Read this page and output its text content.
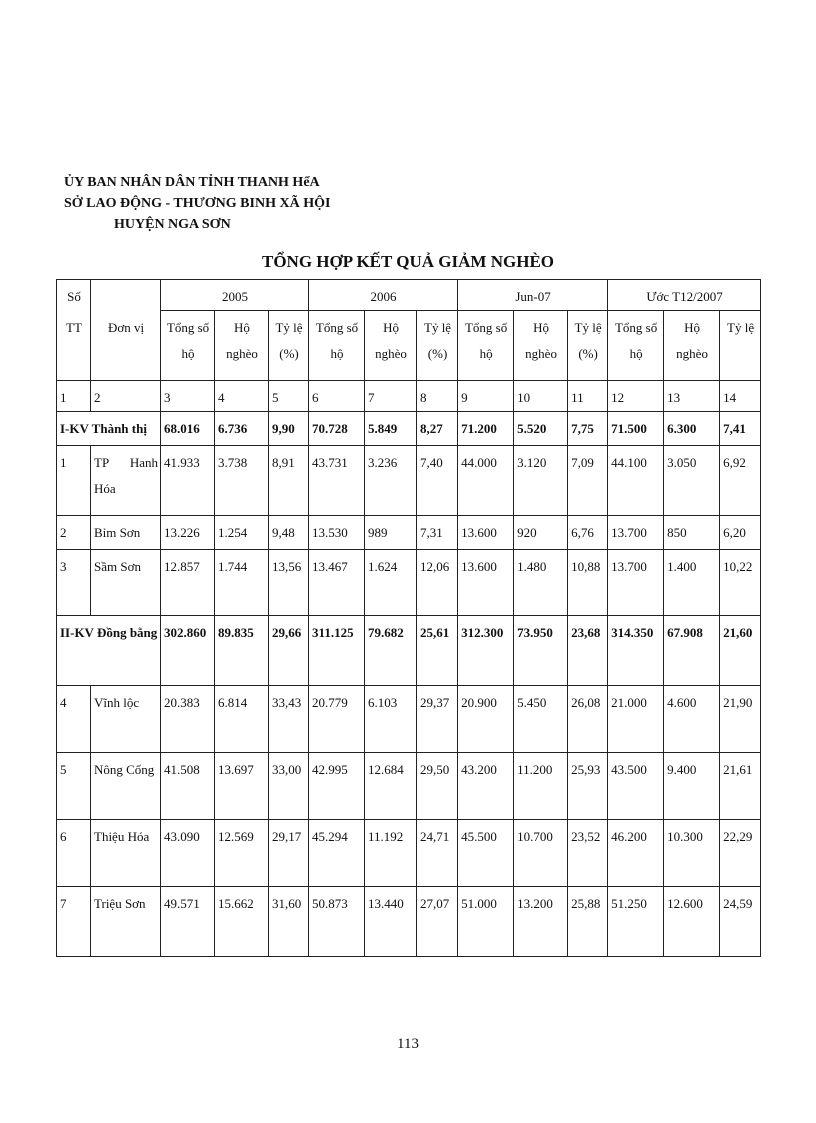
ỦY BAN NHÂN DÂN TỈNH THANH HểA
SỞ LAO ĐỘNG - THƯƠNG BINH XÃ HỘI
HUYỆN NGA SƠN
TỔNG HỢP KẾT QUẢ GIẢM NGHÈO
Số		2005			2006			Jun-07			Ước T12/2007		
TT	Đơn vị	Tổng số hộ	Hộ nghèo	Tỷ lệ (%)	Tổng số hộ	Hộ nghèo	Tỷ lệ (%)	Tổng số hộ	Hộ nghèo	Tỷ lệ (%)	Tổng số hộ	Hộ nghèo	Tỷ lệ
1	2	3	4	5	6	7	8	9	10	11	12	13	14
I-KV Thành thị		68.016	6.736	9,90	70.728	5.849	8,27	71.200	5.520	7,75	71.500	6.300	7,41
1	TP Hanh Hóa	41.933	3.738	8,91	43.731	3.236	7,40	44.000	3.120	7,09	44.100	3.050	6,92
2	Bỉm Sơn	13.226	1.254	9,48	13.530	989	7,31	13.600	920	6,76	13.700	850	6,20
3	Sầm Sơn	12.857	1.744	13,56	13.467	1.624	12,06	13.600	1.480	10,88	13.700	1.400	10,22
II-KV Đồng bằng		302.860	89.835	29,66	311.125	79.682	25,61	312.300	73.950	23,68	314.350	67.908	21,60
4	Vĩnh lộc	20.383	6.814	33,43	20.779	6.103	29,37	20.900	5.450	26,08	21.000	4.600	21,90
5	Nông Cống	41.508	13.697	33,00	42.995	12.684	29,50	43.200	11.200	25,93	43.500	9.400	21,61
6	Thiệu Hóa	43.090	12.569	29,17	45.294	11.192	24,71	45.500	10.700	23,52	46.200	10.300	22,29
7	Triệu Sơn	49.571	15.662	31,60	50.873	13.440	27,07	51.000	13.200	25,88	51.250	12.600	24,59
113
